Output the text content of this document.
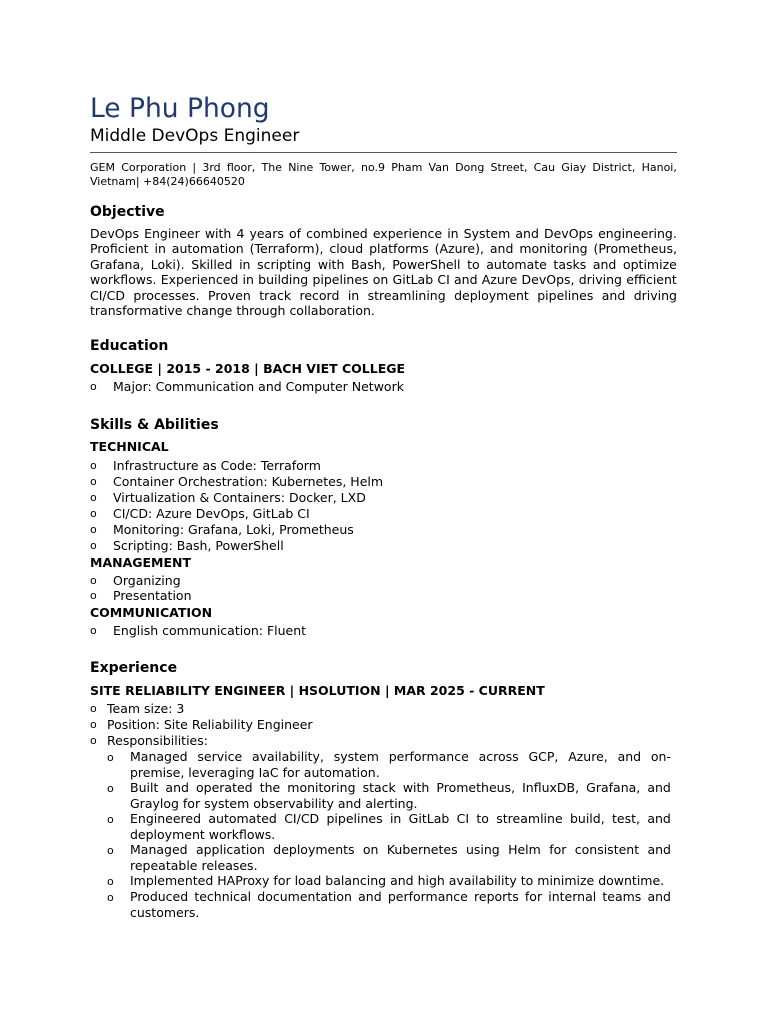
Le Phu Phong
Middle DevOps Engineer
GEM Corporation | 3rd floor, The Nine Tower, no.9 Pham Van Dong Street, Cau Giay District, Hanoi,
Vietnam| +84(24)66640520
Objective
DevOps Engineer with 4 years of combined experience in System and DevOps engineering.
Proficient in automation (Terraform), cloud platforms (Azure), and monitoring (Prometheus,
Grafana, Loki). Skilled in scripting with Bash, PowerShell to automate tasks and optimize
workflows. Experienced in building pipelines on GitLab CI and Azure DevOps, driving efficient
CI/CD processes. Proven track record in streamlining deployment pipelines and driving
transformative change through collaboration.
Education
COLLEGE | 2015 - 2018 | BACH VIET COLLEGE
o Major: Communication and Computer Network
Skills & Abilities
TECHNICAL
o Infrastructure as Code: Terraform
o Container Orchestration: Kubernetes, Helm
o Virtualization & Containers: Docker, LXD
o CI/CD: Azure DevOps, GitLab CI
o Monitoring: Grafana, Loki, Prometheus
o Scripting: Bash, PowerShell
MANAGEMENT
o Organizing
o Presentation
COMMUNICATION
o English communication: Fluent
Experience
SITE RELIABILITY ENGINEER | HSOLUTION | MAR 2025 - CURRENT
o Team size: 3
o Position: Site Reliability Engineer
o Responsibilities:
o Managed service availability, system performance across GCP, Azure, and on-
premise, leveraging IaC for automation.
o Built and operated the monitoring stack with Prometheus, InfluxDB, Grafana, and
Graylog for system observability and alerting.
o Engineered automated CI/CD pipelines in GitLab CI to streamline build, test, and
deployment workflows.
o Managed application deployments on Kubernetes using Helm for consistent and
repeatable releases.
o Implemented HAProxy for load balancing and high availability to minimize downtime.
o Produced technical documentation and performance reports for internal teams and
customers.
